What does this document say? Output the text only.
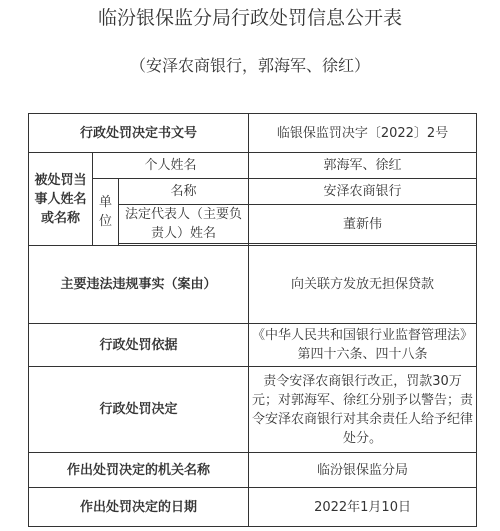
临汾银保监分局行政处罚信息公开表
（安泽农商银行，郭海军、徐红）
行政处罚决定书文号			临银保监罚决字〔2022〕2号
被处罚当事人姓名或名称	个人姓名		郭海军、徐红
	单位	名称	安泽农商银行
		法定代表人（主要负责人）姓名	董新伟

主要违法违规事实（案由）			向关联方发放无担保贷款
行政处罚依据			《中华人民共和国银行业监督管理法》第四十六条、四十八条
行政处罚决定			责令安泽农商银行改正，罚款30万元；对郭海军、徐红分别予以警告；责令安泽农商银行对其余责任人给予纪律处分。
作出处罚决定的机关名称			临汾银保监分局
作出处罚决定的日期			2022年1月10日
